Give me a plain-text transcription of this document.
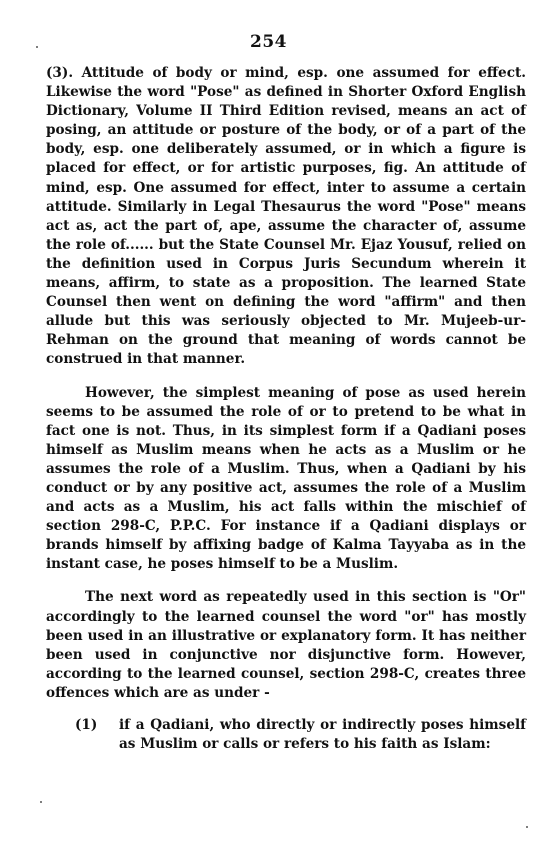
254

(3). Attitude of body or mind, esp. one assumed for effect. Likewise the word "Pose" as defined in Shorter Oxford English Dictionary, Volume II Third Edition revised, means an act of posing, an attitude or posture of the body, or of a part of the body, esp. one deliberately assumed, or in which a figure is placed for effect, or for artistic purposes, fig. An attitude of mind, esp. One assumed for effect, inter to assume a certain attitude. Similarly in Legal Thesaurus the word "Pose" means act as, act the part of, ape, assume the character of, assume the role of...... but the State Counsel Mr. Ejaz Yousuf, relied on the definition used in Corpus Juris Secundum wherein it means, affirm, to state as a proposition. The learned State Counsel then went on defining the word "affirm" and then allude but this was seriously objected to Mr. Mujeeb-ur-Rehman on the ground that meaning of words cannot be construed in that manner.

However, the simplest meaning of pose as used herein seems to be assumed the role of or to pretend to be what in fact one is not. Thus, in its simplest form if a Qadiani poses himself as Muslim means when he acts as a Muslim or he assumes the role of a Muslim. Thus, when a Qadiani by his conduct or by any positive act, assumes the role of a Muslim and acts as a Muslim, his act falls within the mischief of section 298-C, P.P.C. For instance if a Qadiani displays or brands himself by affixing badge of Kalma Tayyaba as in the instant case, he poses himself to be a Muslim.

The next word as repeatedly used in this section is "Or" accordingly to the learned counsel the word "or" has mostly been used in an illustrative or explanatory form. It has neither been used in conjunctive nor disjunctive form. However, according to the learned counsel, section 298-C, creates three offences which are as under -

(1)	if a Qadiani, who directly or indirectly poses himself as Muslim or calls or refers to his faith as Islam:
